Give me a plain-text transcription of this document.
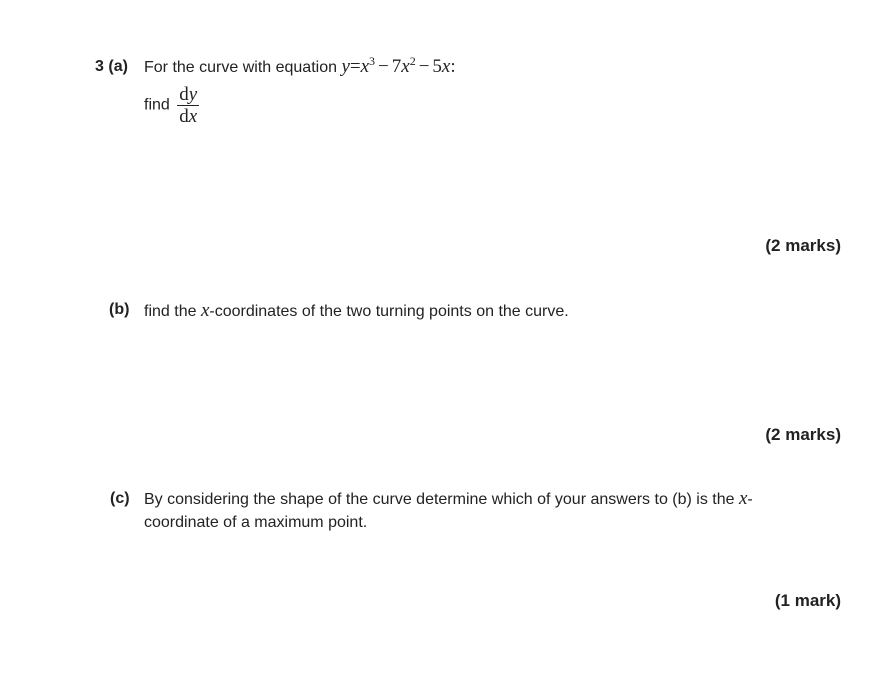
3 (a) For the curve with equation $y=x^3 - 7x^2 - 5x$:
find $\frac{dy}{dx}$
(2 marks)
(b) find the x-coordinates of the two turning points on the curve.
(2 marks)
(c) By considering the shape of the curve determine which of your answers to (b) is the x-
coordinate of a maximum point.
(1 mark)
